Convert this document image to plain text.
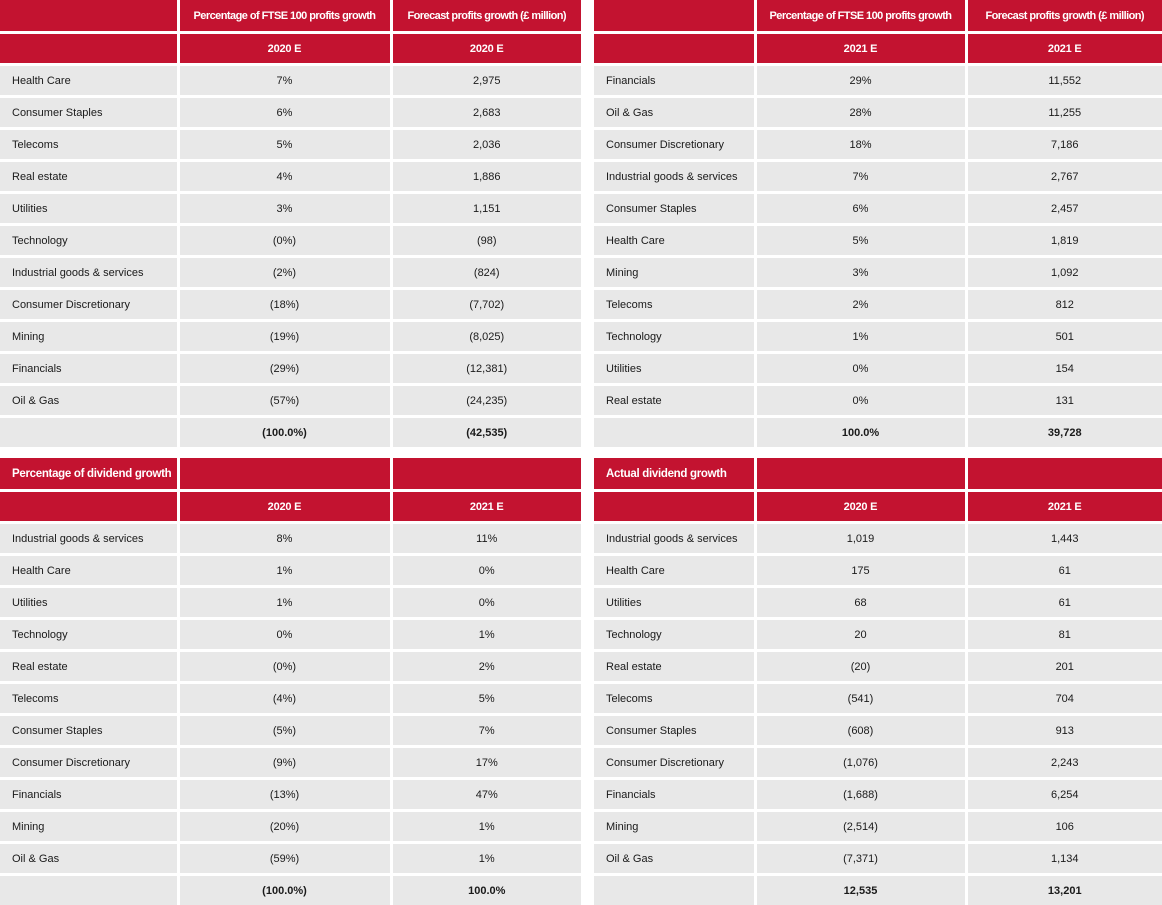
	Percentage of FTSE 100 profits growth	Forecast profits growth (£ million)
	2020 E	2020 E
Health Care	7%	2,975
Consumer Staples	6%	2,683
Telecoms	5%	2,036
Real estate	4%	1,886
Utilities	3%	1,151
Technology	(0%)	(98)
Industrial goods & services	(2%)	(824)
Consumer Discretionary	(18%)	(7,702)
Mining	(19%)	(8,025)
Financials	(29%)	(12,381)
Oil & Gas	(57%)	(24,235)
	(100.0%)	(42,535)
	Percentage of FTSE 100 profits growth	Forecast profits growth (£ million)
	2021 E	2021 E
Financials	29%	11,552
Oil & Gas	28%	11,255
Consumer Discretionary	18%	7,186
Industrial goods & services	7%	2,767
Consumer Staples	6%	2,457
Health Care	5%	1,819
Mining	3%	1,092
Telecoms	2%	812
Technology	1%	501
Utilities	0%	154
Real estate	0%	131
	100.0%	39,728
Percentage of dividend growth		
	2020 E	2021 E
Industrial goods & services	8%	11%
Health Care	1%	0%
Utilities	1%	0%
Technology	0%	1%
Real estate	(0%)	2%
Telecoms	(4%)	5%
Consumer Staples	(5%)	7%
Consumer Discretionary	(9%)	17%
Financials	(13%)	47%
Mining	(20%)	1%
Oil & Gas	(59%)	1%
	(100.0%)	100.0%
Actual dividend growth		
	2020 E	2021 E
Industrial goods & services	1,019	1,443
Health Care	175	61
Utilities	68	61
Technology	20	81
Real estate	(20)	201
Telecoms	(541)	704
Consumer Staples	(608)	913
Consumer Discretionary	(1,076)	2,243
Financials	(1,688)	6,254
Mining	(2,514)	106
Oil & Gas	(7,371)	1,134
	12,535	13,201
